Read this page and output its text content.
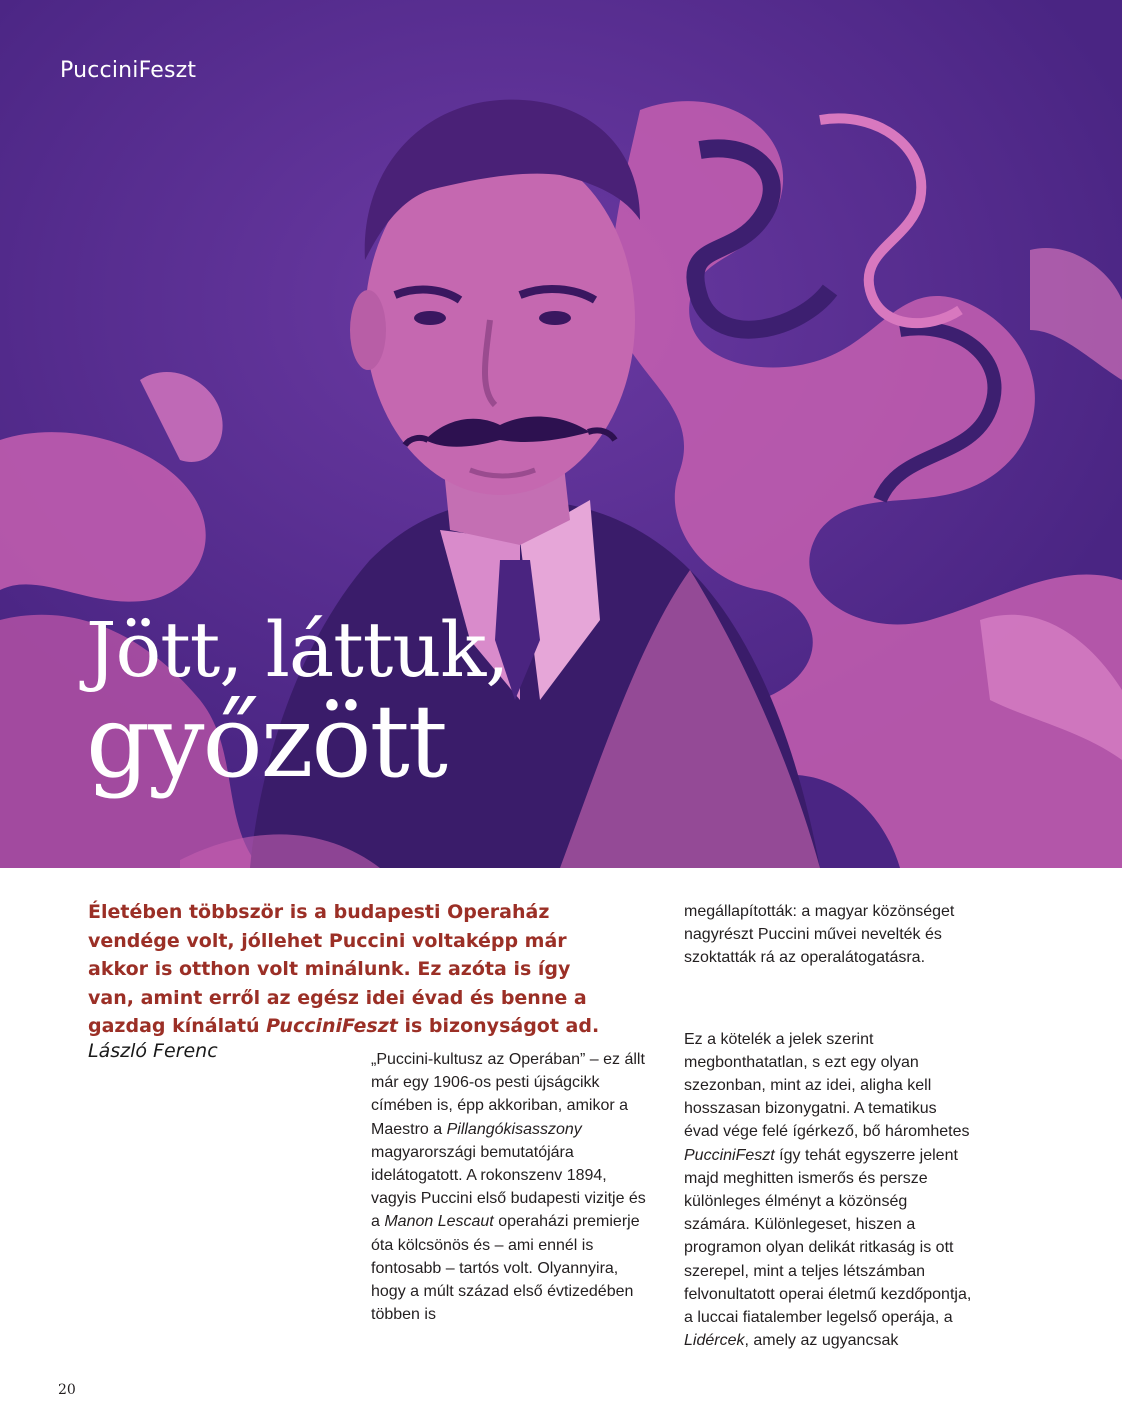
PucciniFeszt
Jött, láttuk,
győzött
Életében többször is a budapesti Operaház vendége volt, jóllehet Puccini voltaképp már akkor is otthon volt minálunk. Ez azóta is így van, amint erről az egész idei évad és benne a gazdag kínálatú PucciniFeszt is bizonyságot ad.
László Ferenc	„Puccini-kultusz az Operában” – ez állt már egy 1906-os pesti újságcikk címében is, épp akkoriban, amikor a Maestro a Pillangókisasszony magyarországi bemutatójára idelátogatott. A rokonszenv 1894, vagyis Puccini első budapesti vizitje és a Manon Lescaut operaházi premierje óta kölcsönös és – ami ennél is fontosabb – tartós volt. Olyannyira, hogy a múlt század első évtizedében többen is

megállapították: a magyar közönséget nagyrészt Puccini művei nevelték és szoktatták rá az operalátogatásra.

Ez a kötelék a jelek szerint megbonthatatlan, s ezt egy olyan szezonban, mint az idei, aligha kell hosszasan bizonygatni. A tematikus évad vége felé ígérkező, bő háromhetes PucciniFeszt így tehát egyszerre jelent majd meghitten ismerős és persze különleges élményt a közönség számára. Különlegeset, hiszen a programon olyan delikát ritkaság is ott szerepel, mint a teljes létszámban felvonultatott operai életmű kezdőpontja, a luccai fiatalember legelső operája, a Lidércek, amely az ugyancsak

20
